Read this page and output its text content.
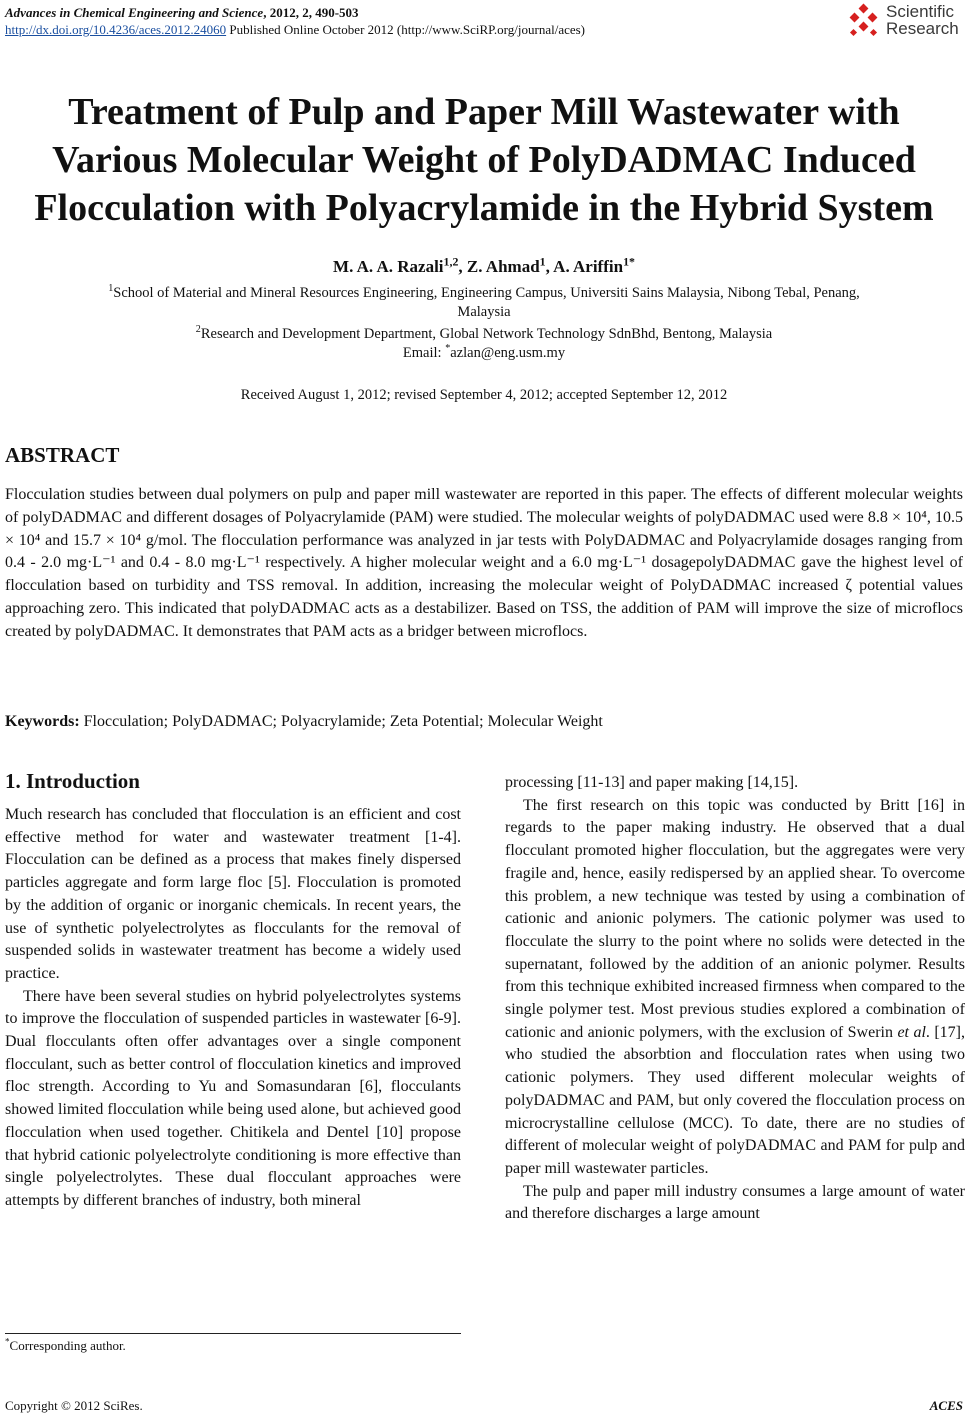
Advances in Chemical Engineering and Science, 2012, 2, 490-503
http://dx.doi.org/10.4236/aces.2012.24060 Published Online October 2012 (http://www.SciRP.org/journal/aces)
Scientific
Research
Treatment of Pulp and Paper Mill Wastewater with
Various Molecular Weight of PolyDADMAC Induced
Flocculation with Polyacrylamide in the Hybrid System
M. A. A. Razali$^{1,2}$, Z. Ahmad$^1$, A. Ariffin$^{1*}$
$^1$School of Material and Mineral Resources Engineering, Engineering Campus, Universiti Sains Malaysia, Nibong Tebal, Penang,
Malaysia
$^2$Research and Development Department, Global Network Technology SdnBhd, Bentong, Malaysia
Email: *azlan@eng.usm.my
Received August 1, 2012; revised September 4, 2012; accepted September 12, 2012
ABSTRACT
Flocculation studies between dual polymers on pulp and paper mill wastewater are reported in this paper. The effects of different molecular weights of polyDADMAC and different dosages of Polyacrylamide (PAM) were studied. The molecular weights of polyDADMAC used were 8.8 × 10⁴, 10.5 × 10⁴ and 15.7 × 10⁴ g/mol. The flocculation performance was analyzed in jar tests with PolyDADMAC and Polyacrylamide dosages ranging from 0.4 - 2.0 mg·L⁻¹ and 0.4 - 8.0 mg·L⁻¹ respectively. A higher molecular weight and a 6.0 mg·L⁻¹ dosagepolyDADMAC gave the highest level of flocculation based on turbidity and TSS removal. In addition, increasing the molecular weight of PolyDADMAC increased ζ potential values approaching zero. This indicated that polyDADMAC acts as a destabilizer. Based on TSS, the addition of PAM will improve the size of microflocs created by polyDADMAC. It demonstrates that PAM acts as a bridger between microflocs.
Keywords: Flocculation; PolyDADMAC; Polyacrylamide; Zeta Potential; Molecular Weight
1. Introduction

Much research has concluded that flocculation is an efficient and cost effective method for water and wastewater treatment [1-4]. Flocculation can be defined as a process that makes finely dispersed particles aggregate and form large floc [5]. Flocculation is promoted by the addition of organic or inorganic chemicals. In recent years, the use of synthetic polyelectrolytes as flocculants for the removal of suspended solids in wastewater treatment has become a widely used practice.

There have been several studies on hybrid polyelectrolytes systems to improve the flocculation of suspended particles in wastewater [6-9]. Dual flocculants often offer advantages over a single component flocculant, such as better control of flocculation kinetics and improved floc strength. According to Yu and Somasundaran [6], flocculants showed limited flocculation while being used alone, but achieved good flocculation when used together. Chitikela and Dentel [10] propose that hybrid cationic polyelectrolyte conditioning is more effective than single polyelectrolytes. These dual flocculant approaches were attempts by different branches of industry, both mineral

processing [11-13] and paper making [14,15].

The first research on this topic was conducted by Britt [16] in regards to the paper making industry. He observed that a dual flocculant promoted higher flocculation, but the aggregates were very fragile and, hence, easily redispersed by an applied shear. To overcome this problem, a new technique was tested by using a combination of cationic and anionic polymers. The cationic polymer was used to flocculate the slurry to the point where no solids were detected in the supernatant, followed by the addition of an anionic polymer. Results from this technique exhibited increased firmness when compared to the single polymer test. Most previous studies explored a combination of cationic and anionic polymers, with the exclusion of Swerin et al. [17], who studied the absorbtion and flocculation rates when using two cationic polymers. They used different molecular weights of polyDADMAC and PAM, but only covered the flocculation process on microcrystalline cellulose (MCC). To date, there are no studies of different of molecular weight of polyDADMAC and PAM for pulp and paper mill wastewater particles.

The pulp and paper mill industry consumes a large amount of water and therefore discharges a large amount

*Corresponding author.
Copyright © 2012 SciRes.	ACES
